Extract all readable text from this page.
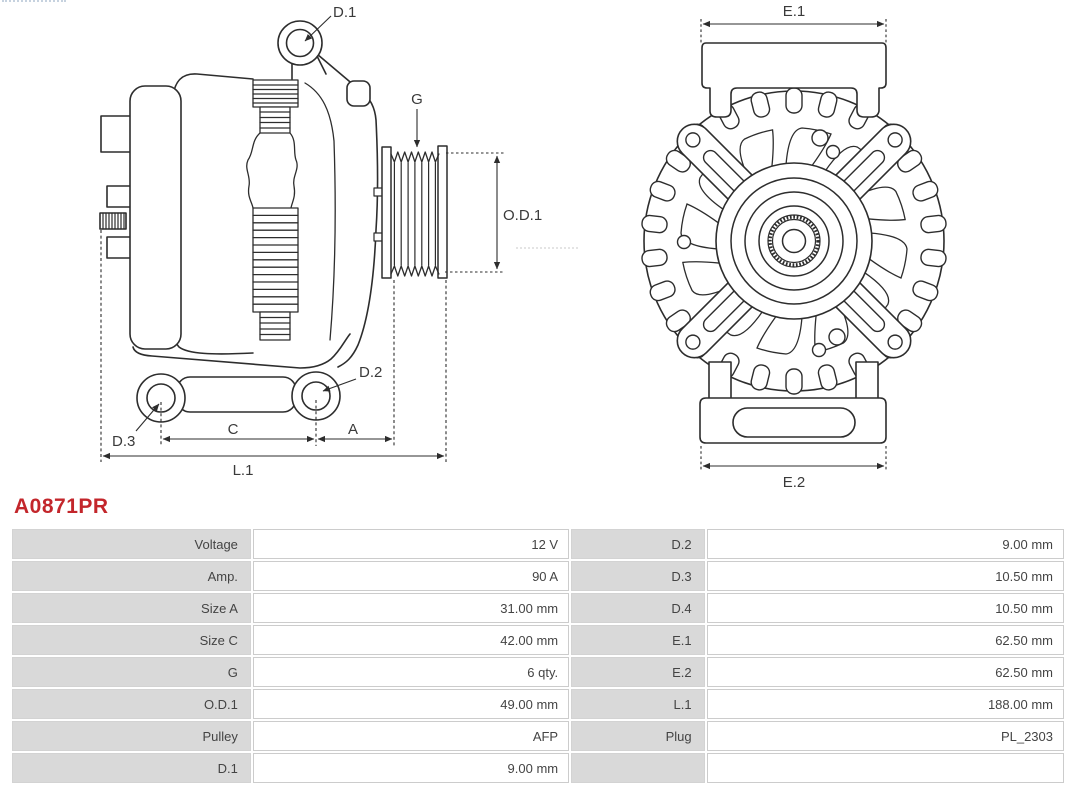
D.1
G
O.D.1
D.2
D.3
C	A
L.1
E.1
E.2
A0871PR
Voltage	12 V	D.2	9.00 mm
Amp.	90 A	D.3	10.50 mm
Size A	31.00 mm	D.4	10.50 mm
Size C	42.00 mm	E.1	62.50 mm
G	6 qty.	E.2	62.50 mm
O.D.1	49.00 mm	L.1	188.00 mm
Pulley	AFP	Plug	PL_2303
D.1	9.00 mm		
